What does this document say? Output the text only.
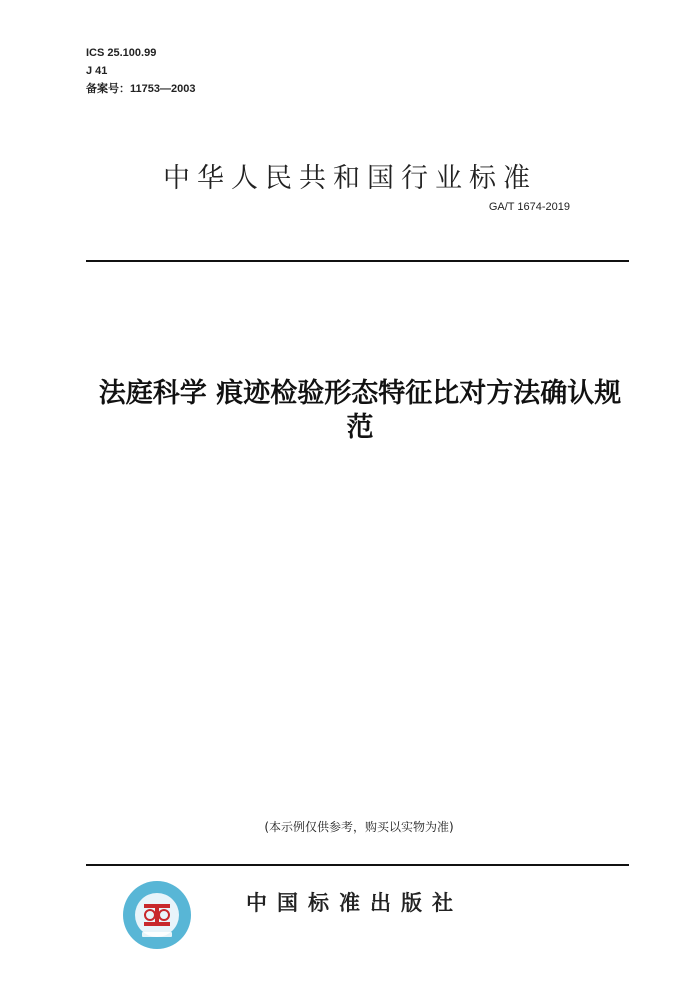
ICS 25.100.99
J 41
备案号：11753—2003
中华人民共和国行业标准
GA/T 1674-2019
法庭科学 痕迹检验形态特征比对方法确认规
范
(本示例仅供参考，购买以实物为准)
中国标准出版社
